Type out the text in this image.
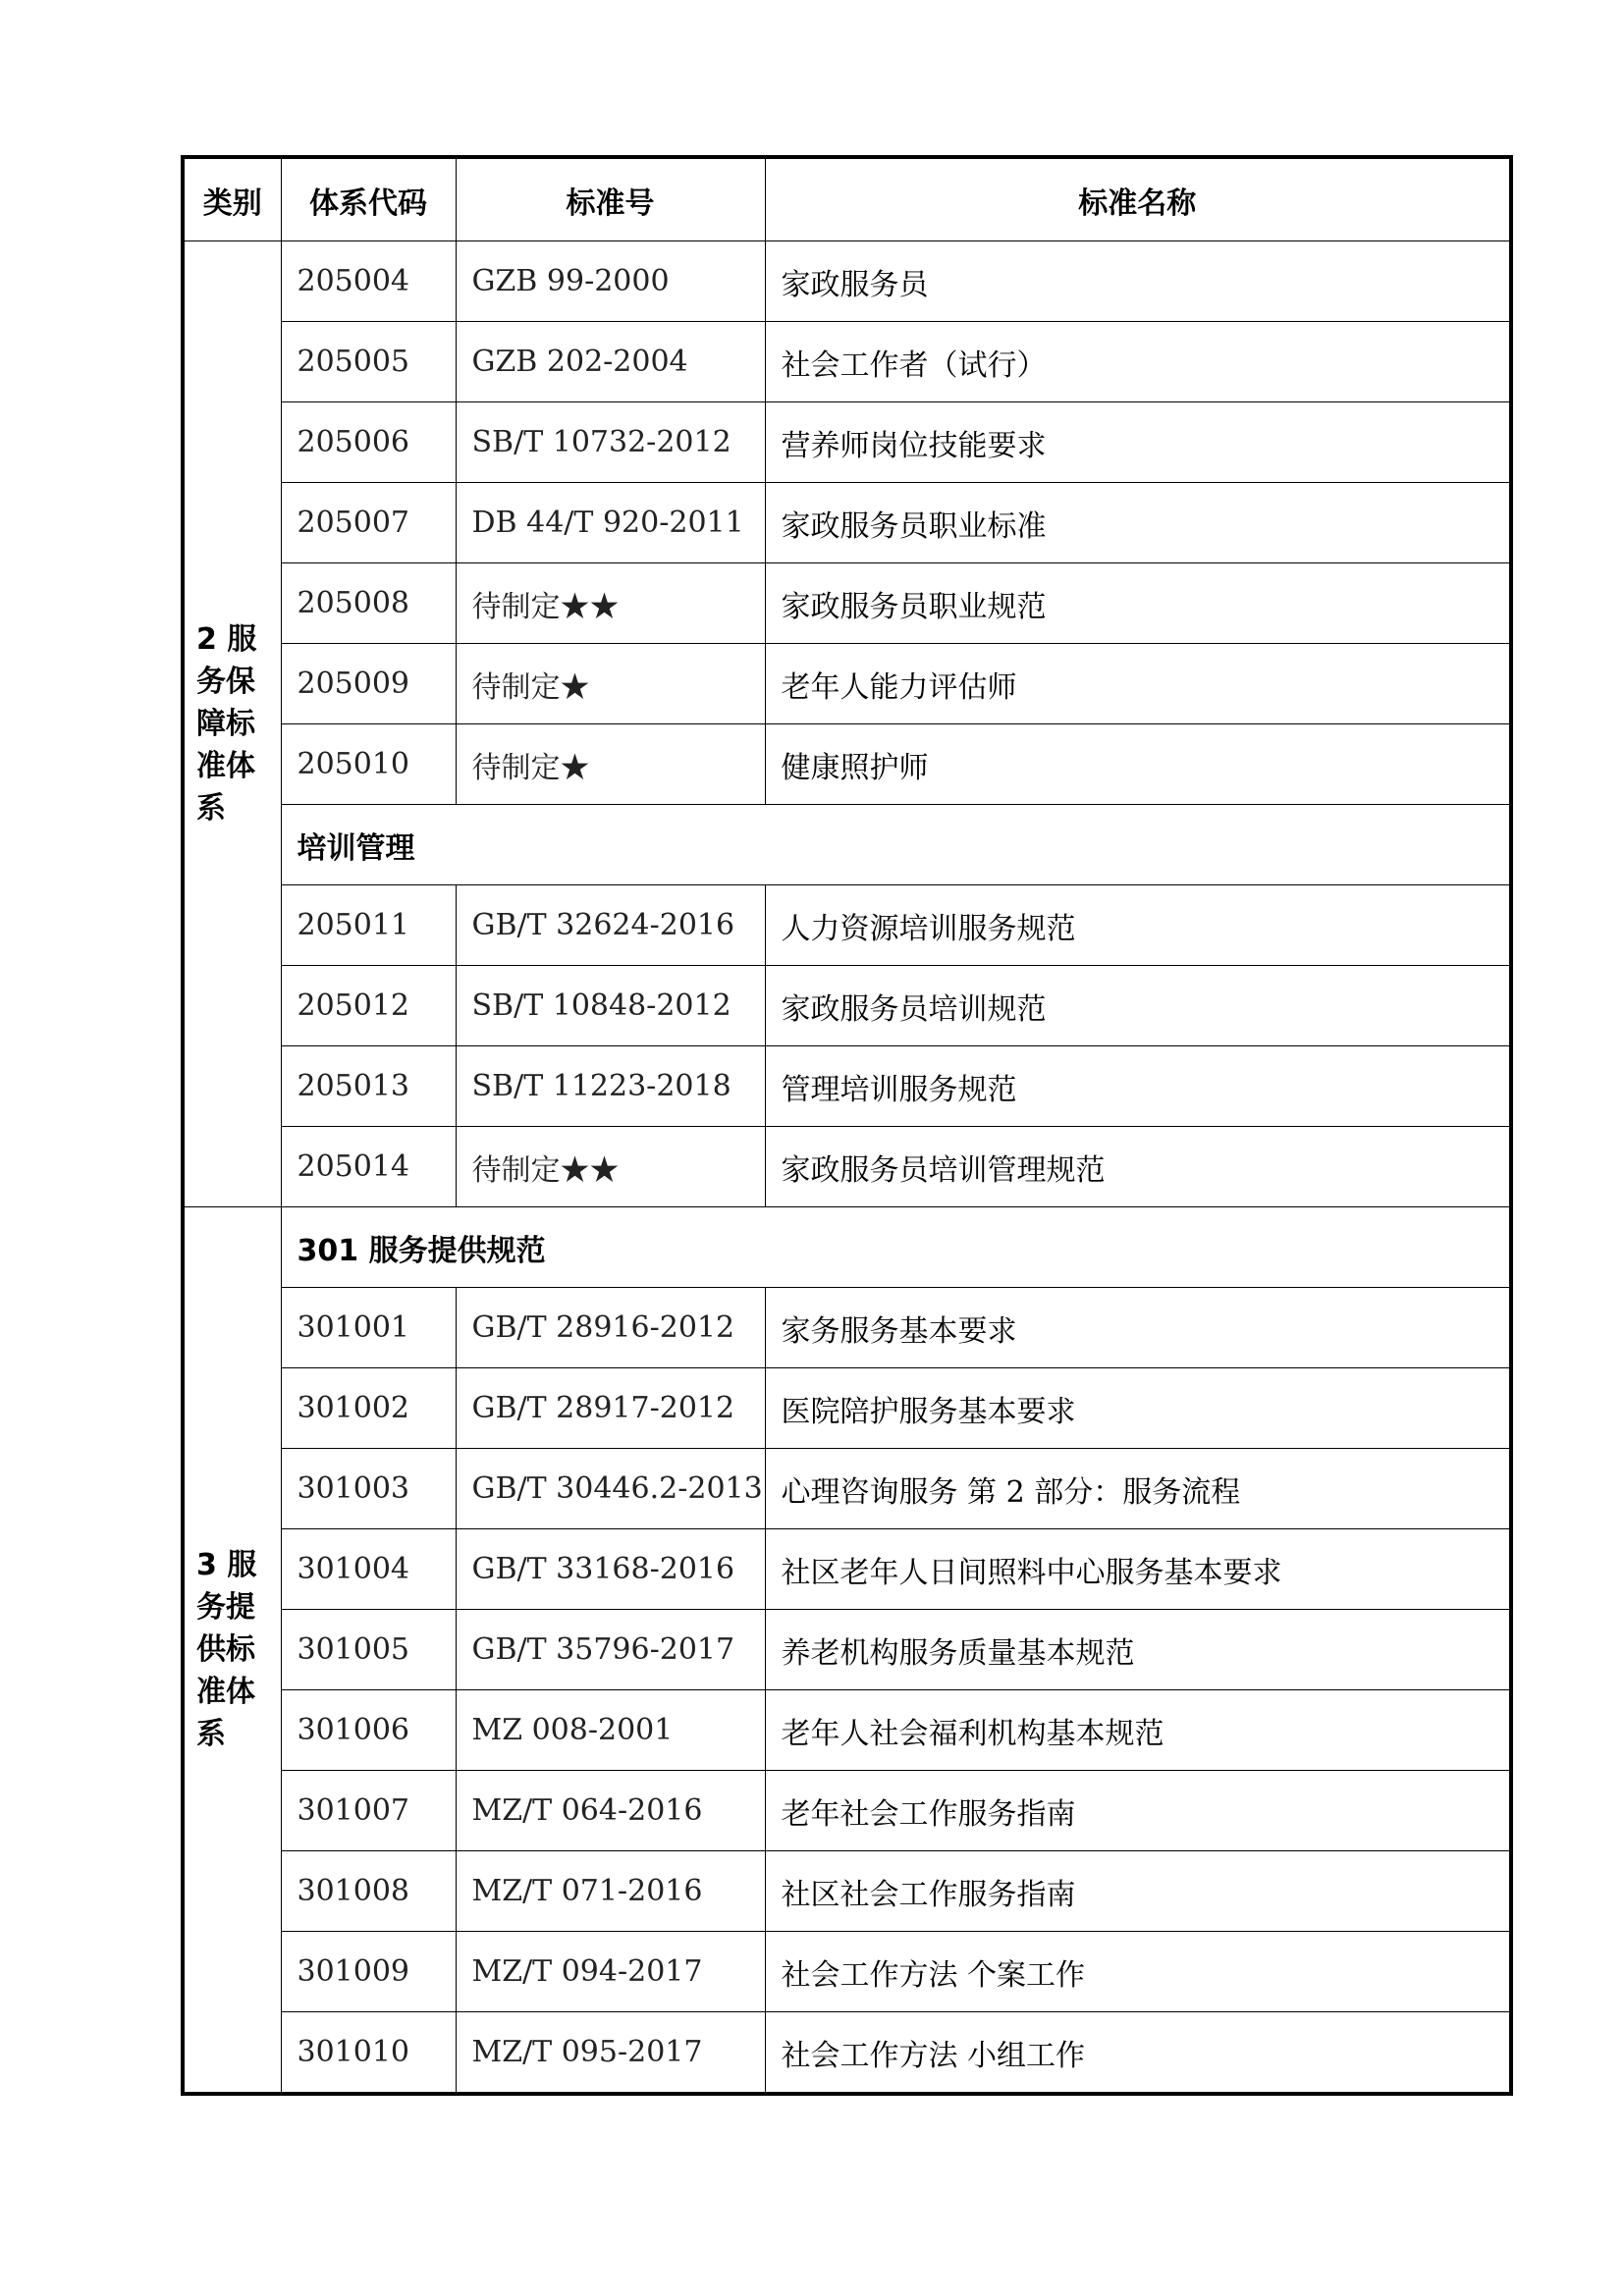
类别	体系代码	标准号	标准名称
2 服务保障标准体系	205004	GZB 99-2000	家政服务员
	205005	GZB 202-2004	社会工作者（试行）
	205006	SB/T 10732-2012	营养师岗位技能要求
	205007	DB 44/T 920-2011	家政服务员职业标准
	205008	待制定★★	家政服务员职业规范
	205009	待制定★	老年人能力评估师
	205010	待制定★	健康照护师
	培训管理		
	205011	GB/T 32624-2016	人力资源培训服务规范
	205012	SB/T 10848-2012	家政服务员培训规范
	205013	SB/T 11223-2018	管理培训服务规范
	205014	待制定★★	家政服务员培训管理规范
3 服务提供标准体系	301 服务提供规范		
	301001	GB/T 28916-2012	家务服务基本要求
	301002	GB/T 28917-2012	医院陪护服务基本要求
	301003	GB/T 30446.2-2013	心理咨询服务 第 2 部分：服务流程
	301004	GB/T 33168-2016	社区老年人日间照料中心服务基本要求
	301005	GB/T 35796-2017	养老机构服务质量基本规范
	301006	MZ 008-2001	老年人社会福利机构基本规范
	301007	MZ/T 064-2016	老年社会工作服务指南
	301008	MZ/T 071-2016	社区社会工作服务指南
	301009	MZ/T 094-2017	社会工作方法 个案工作
	301010	MZ/T 095-2017	社会工作方法 小组工作
